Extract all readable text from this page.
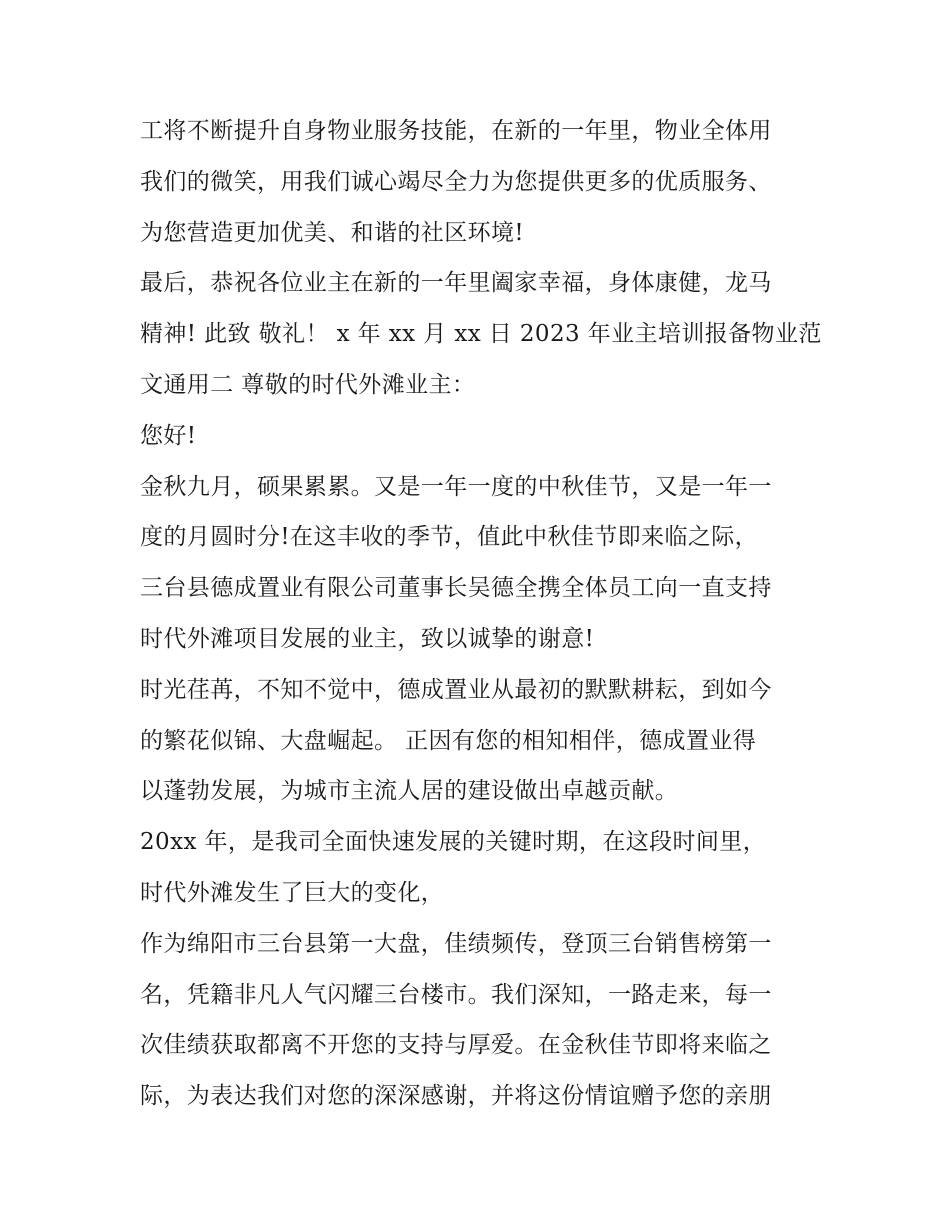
工将不断提升自身物业服务技能，在新的一年里，物业全体用
我们的微笑，用我们诚心竭尽全力为您提供更多的优质服务、
为您营造更加优美、和谐的社区环境!
最后，恭祝各位业主在新的一年里阖家幸福，身体康健，龙马
精神! 此致 敬礼！ x 年 xx 月 xx 日 2023 年业主培训报备物业范
文通用二 尊敬的时代外滩业主：
您好!
金秋九月，硕果累累。又是一年一度的中秋佳节，又是一年一
度的月圆时分!在这丰收的季节，值此中秋佳节即来临之际，
三台县德成置业有限公司董事长吴德全携全体员工向一直支持
时代外滩项目发展的业主，致以诚挚的谢意!
时光荏苒，不知不觉中，德成置业从最初的默默耕耘，到如今
的繁花似锦、大盘崛起。 正因有您的相知相伴，德成置业得
以蓬勃发展，为城市主流人居的建设做出卓越贡献。
20xx 年，是我司全面快速发展的关键时期，在这段时间里，
时代外滩发生了巨大的变化，
作为绵阳市三台县第一大盘，佳绩频传，登顶三台销售榜第一
名，凭籍非凡人气闪耀三台楼市。我们深知，一路走来，每一
次佳绩获取都离不开您的支持与厚爱。在金秋佳节即将来临之
际，为表达我们对您的深深感谢，并将这份情谊赠予您的亲朋
